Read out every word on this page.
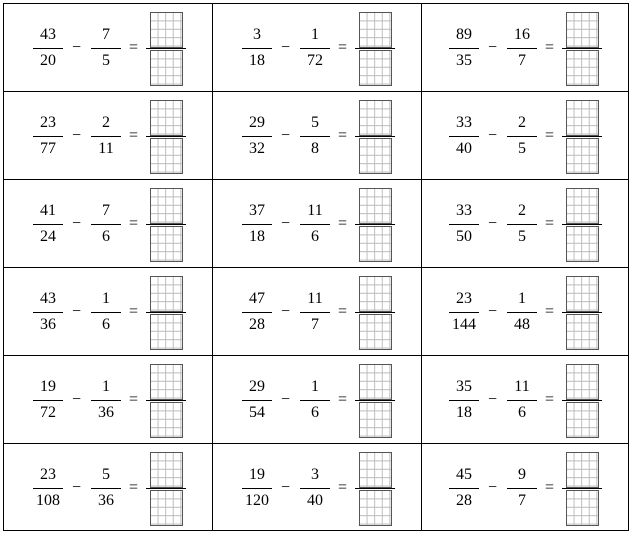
43
20
−
7
5
=
3
18
−
1
72
=
89
35
−
16
7
=
23
77
−
2
11
=
29
32
−
5
8
=
33
40
−
2
5
=
41
24
−
7
6
=
37
18
−
11
6
=
33
50
−
2
5
=
43
36
−
1
6
=
47
28
−
11
7
=
23
144
−
1
48
=
19
72
−
1
36
=
29
54
−
1
6
=
35
18
−
11
6
=
23
108
−
5
36
=
19
120
−
3
40
=
45
28
−
9
7
=
